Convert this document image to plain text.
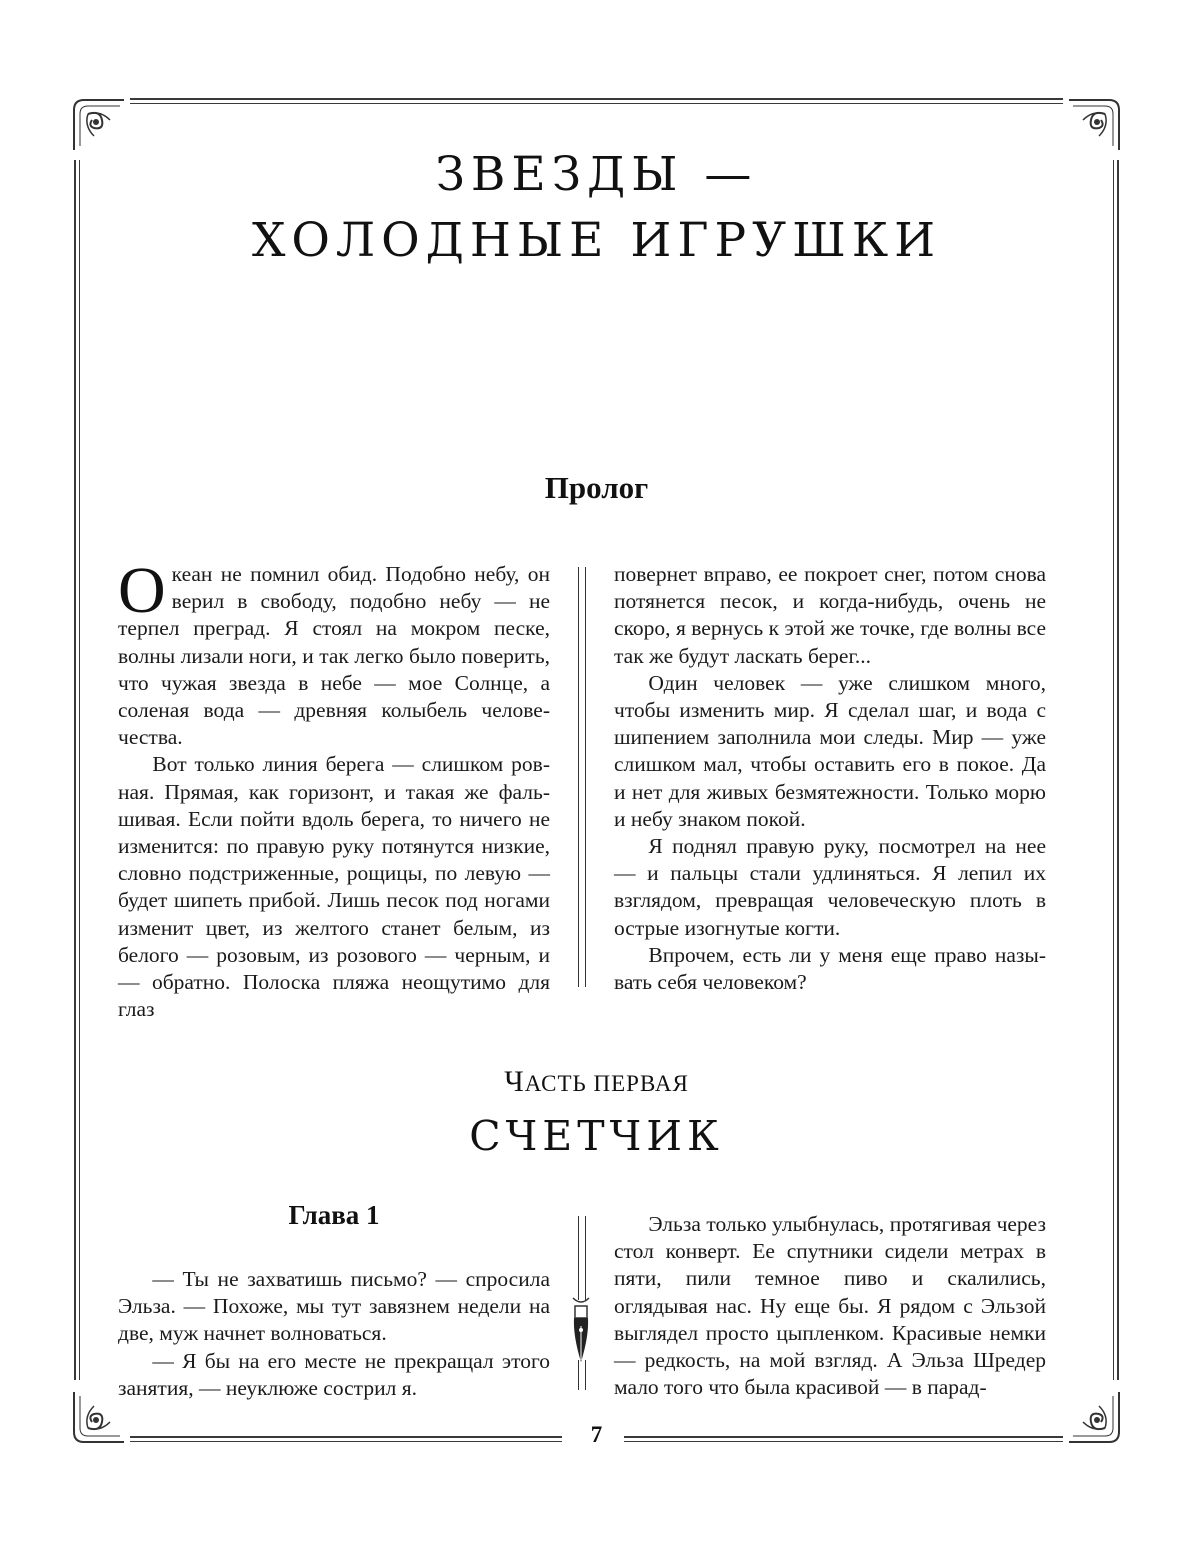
ЗВЕЗДЫ —
ХОЛОДНЫЕ ИГРУШКИ
Пролог

Океан не помнил обид. Подобно небу, он верил в свободу, подобно небу — не терпел преград. Я стоял на мокром песке, волны лизали ноги, и так легко было поверить, что чужая звезда в небе — мое Солнце, а соленая вода — древняя колыбель человечества.

Вот только линия берега — слишком ровная. Прямая, как горизонт, и такая же фальшивая. Если пойти вдоль берега, то ничего не изменится: по правую руку потянутся низкие, словно подстриженные, рощицы, по левую — будет шипеть прибой. Лишь песок под ногами изменит цвет, из желтого станет белым, из белого — розовым, из розового — черным, и — обратно. Полоска пляжа неощутимо для глаз

повернет вправо, ее покроет снег, потом снова потянется песок, и когда-нибудь, очень не скоро, я вернусь к этой же точке, где волны все так же будут ласкать берег...

Один человек — уже слишком много, чтобы изменить мир. Я сделал шаг, и вода с шипением заполнила мои следы. Мир — уже слишком мал, чтобы оставить его в покое. Да и нет для живых безмятежности. Только морю и небу знаком покой.

Я поднял правую руку, посмотрел на нее — и пальцы стали удлиняться. Я лепил их взглядом, превращая человеческую плоть в острые изогнутые когти.

Впрочем, есть ли у меня еще право называть себя человеком?

ЧАСТЬ ПЕРВАЯ
СЧЕТЧИК
Глава 1

— Ты не захватишь письмо? — спросила Эльза. — Похоже, мы тут завязнем недели на две, муж начнет волноваться.

— Я бы на его месте не прекращал этого занятия, — неуклюже сострил я.

Эльза только улыбнулась, протягивая через стол конверт. Ее спутники сидели метрах в пяти, пили темное пиво и скалились, оглядывая нас. Ну еще бы. Я рядом с Эльзой выглядел просто цыпленком. Красивые немки — редкость, на мой взгляд. А Эльза Шредер мало того что была красивой — в парад-

7
